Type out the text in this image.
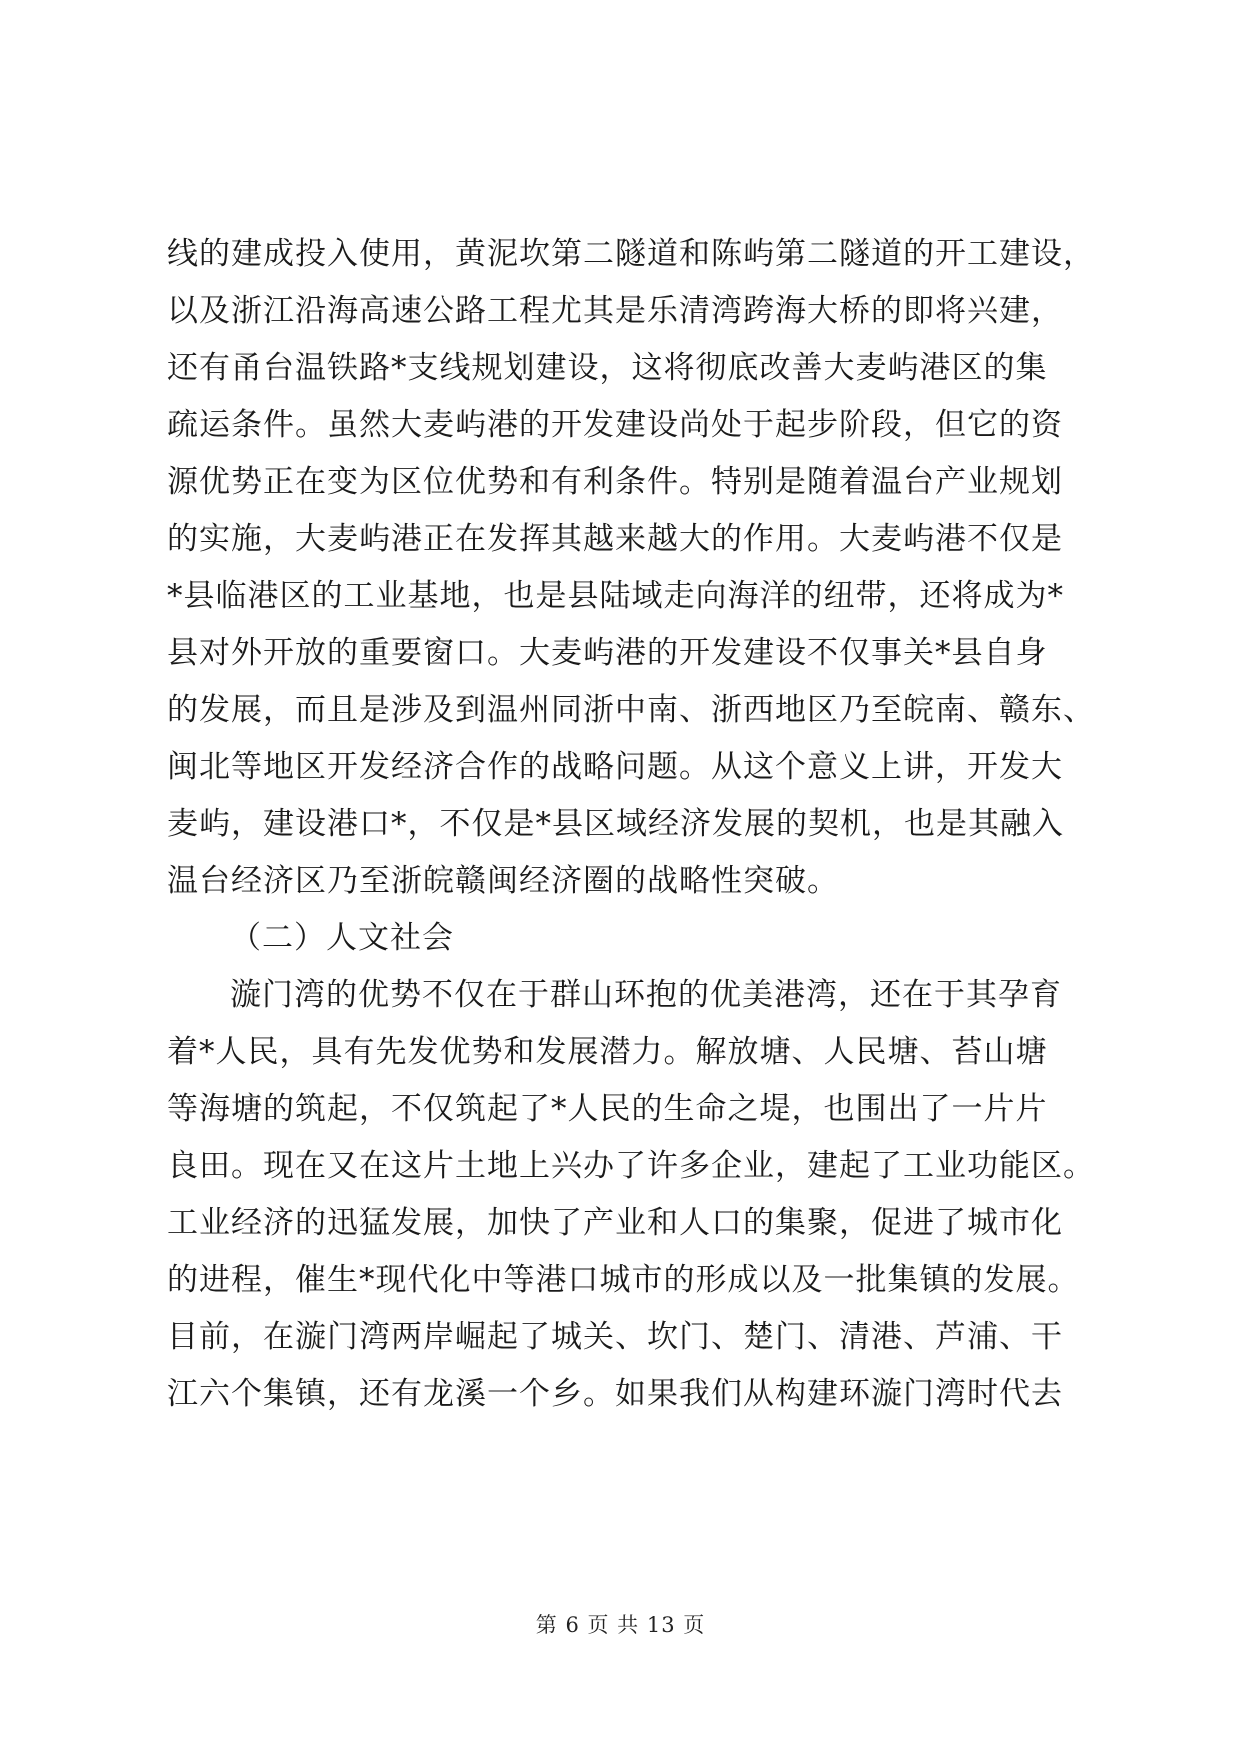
线的建成投入使用，黄泥坎第二隧道和陈屿第二隧道的开工建设，
以及浙江沿海高速公路工程尤其是乐清湾跨海大桥的即将兴建，
还有甬台温铁路*支线规划建设，这将彻底改善大麦屿港区的集
疏运条件。虽然大麦屿港的开发建设尚处于起步阶段，但它的资
源优势正在变为区位优势和有利条件。特别是随着温台产业规划
的实施，大麦屿港正在发挥其越来越大的作用。大麦屿港不仅是
*县临港区的工业基地，也是县陆域走向海洋的纽带，还将成为*
县对外开放的重要窗口。大麦屿港的开发建设不仅事关*县自身
的发展，而且是涉及到温州同浙中南、浙西地区乃至皖南、赣东、
闽北等地区开发经济合作的战略问题。从这个意义上讲，开发大
麦屿，建设港口*，不仅是*县区域经济发展的契机，也是其融入
温台经济区乃至浙皖赣闽经济圈的战略性突破。
（二）人文社会
漩门湾的优势不仅在于群山环抱的优美港湾，还在于其孕育
着*人民，具有先发优势和发展潜力。解放塘、人民塘、苔山塘
等海塘的筑起，不仅筑起了*人民的生命之堤，也围出了一片片
良田。现在又在这片土地上兴办了许多企业，建起了工业功能区。
工业经济的迅猛发展，加快了产业和人口的集聚，促进了城市化
的进程，催生*现代化中等港口城市的形成以及一批集镇的发展。
目前，在漩门湾两岸崛起了城关、坎门、楚门、清港、芦浦、干
江六个集镇，还有龙溪一个乡。如果我们从构建环漩门湾时代去
第 6 页 共 13 页
